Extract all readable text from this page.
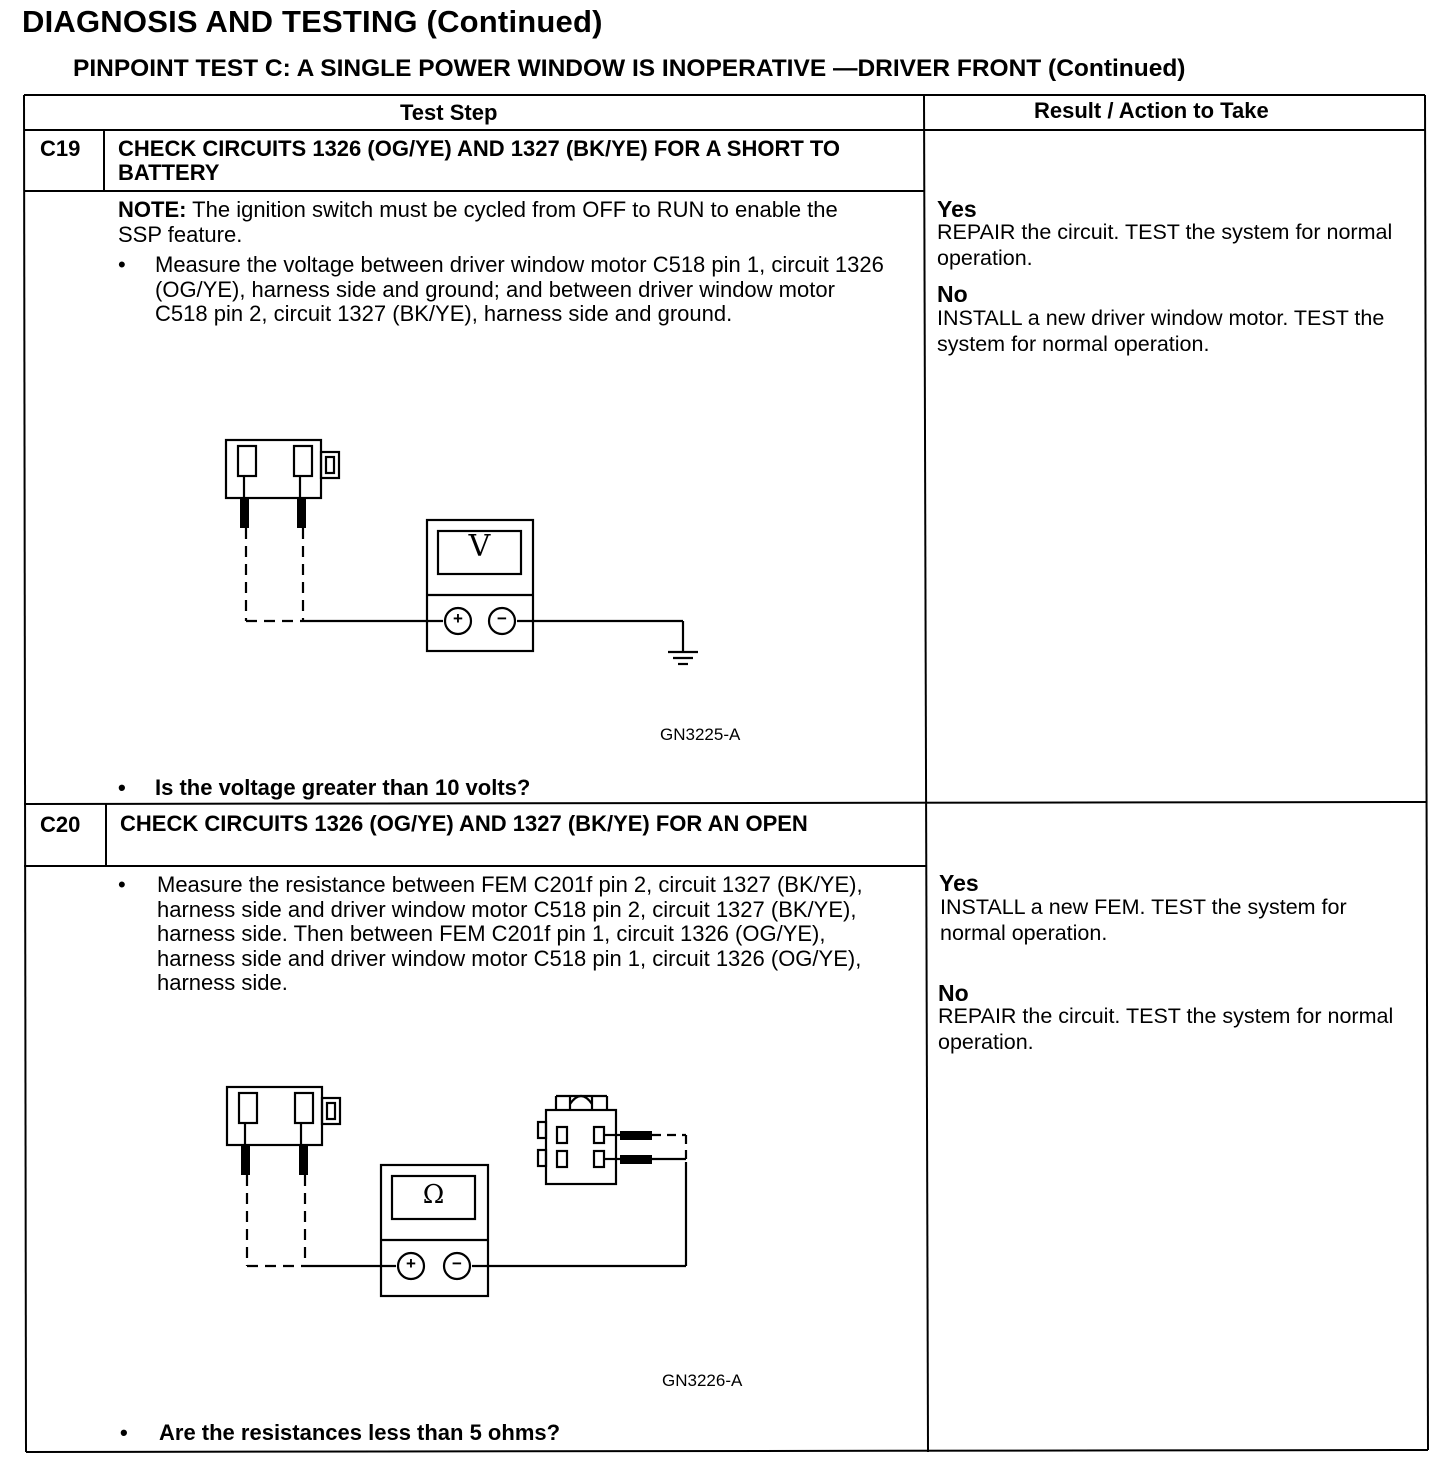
DIAGNOSIS AND TESTING (Continued)
PINPOINT TEST C: A SINGLE POWER WINDOW IS INOPERATIVE —DRIVER FRONT (Continued)
Test Step	Result / Action to Take
C19 CHECK CIRCUITS 1326 (OG/YE) AND 1327 (BK/YE) FOR A SHORT TO BATTERY
NOTE: The ignition switch must be cycled from OFF to RUN to enable the SSP feature.
• Measure the voltage between driver window motor C518 pin 1, circuit 1326 (OG/YE), harness side and ground; and between driver window motor C518 pin 2, circuit 1327 (BK/YE), harness side and ground.
V
+	−
GN3225-A
• Is the voltage greater than 10 volts?
Yes
REPAIR the circuit. TEST the system for normal operation.
No
INSTALL a new driver window motor. TEST the system for normal operation.
C20 CHECK CIRCUITS 1326 (OG/YE) AND 1327 (BK/YE) FOR AN OPEN
• Measure the resistance between FEM C201f pin 2, circuit 1327 (BK/YE), harness side and driver window motor C518 pin 2, circuit 1327 (BK/YE), harness side. Then between FEM C201f pin 1, circuit 1326 (OG/YE), harness side and driver window motor C518 pin 1, circuit 1326 (OG/YE), harness side.
Ω
+	−
GN3226-A
• Are the resistances less than 5 ohms?
Yes
INSTALL a new FEM. TEST the system for normal operation.
No
REPAIR the circuit. TEST the system for normal operation.
